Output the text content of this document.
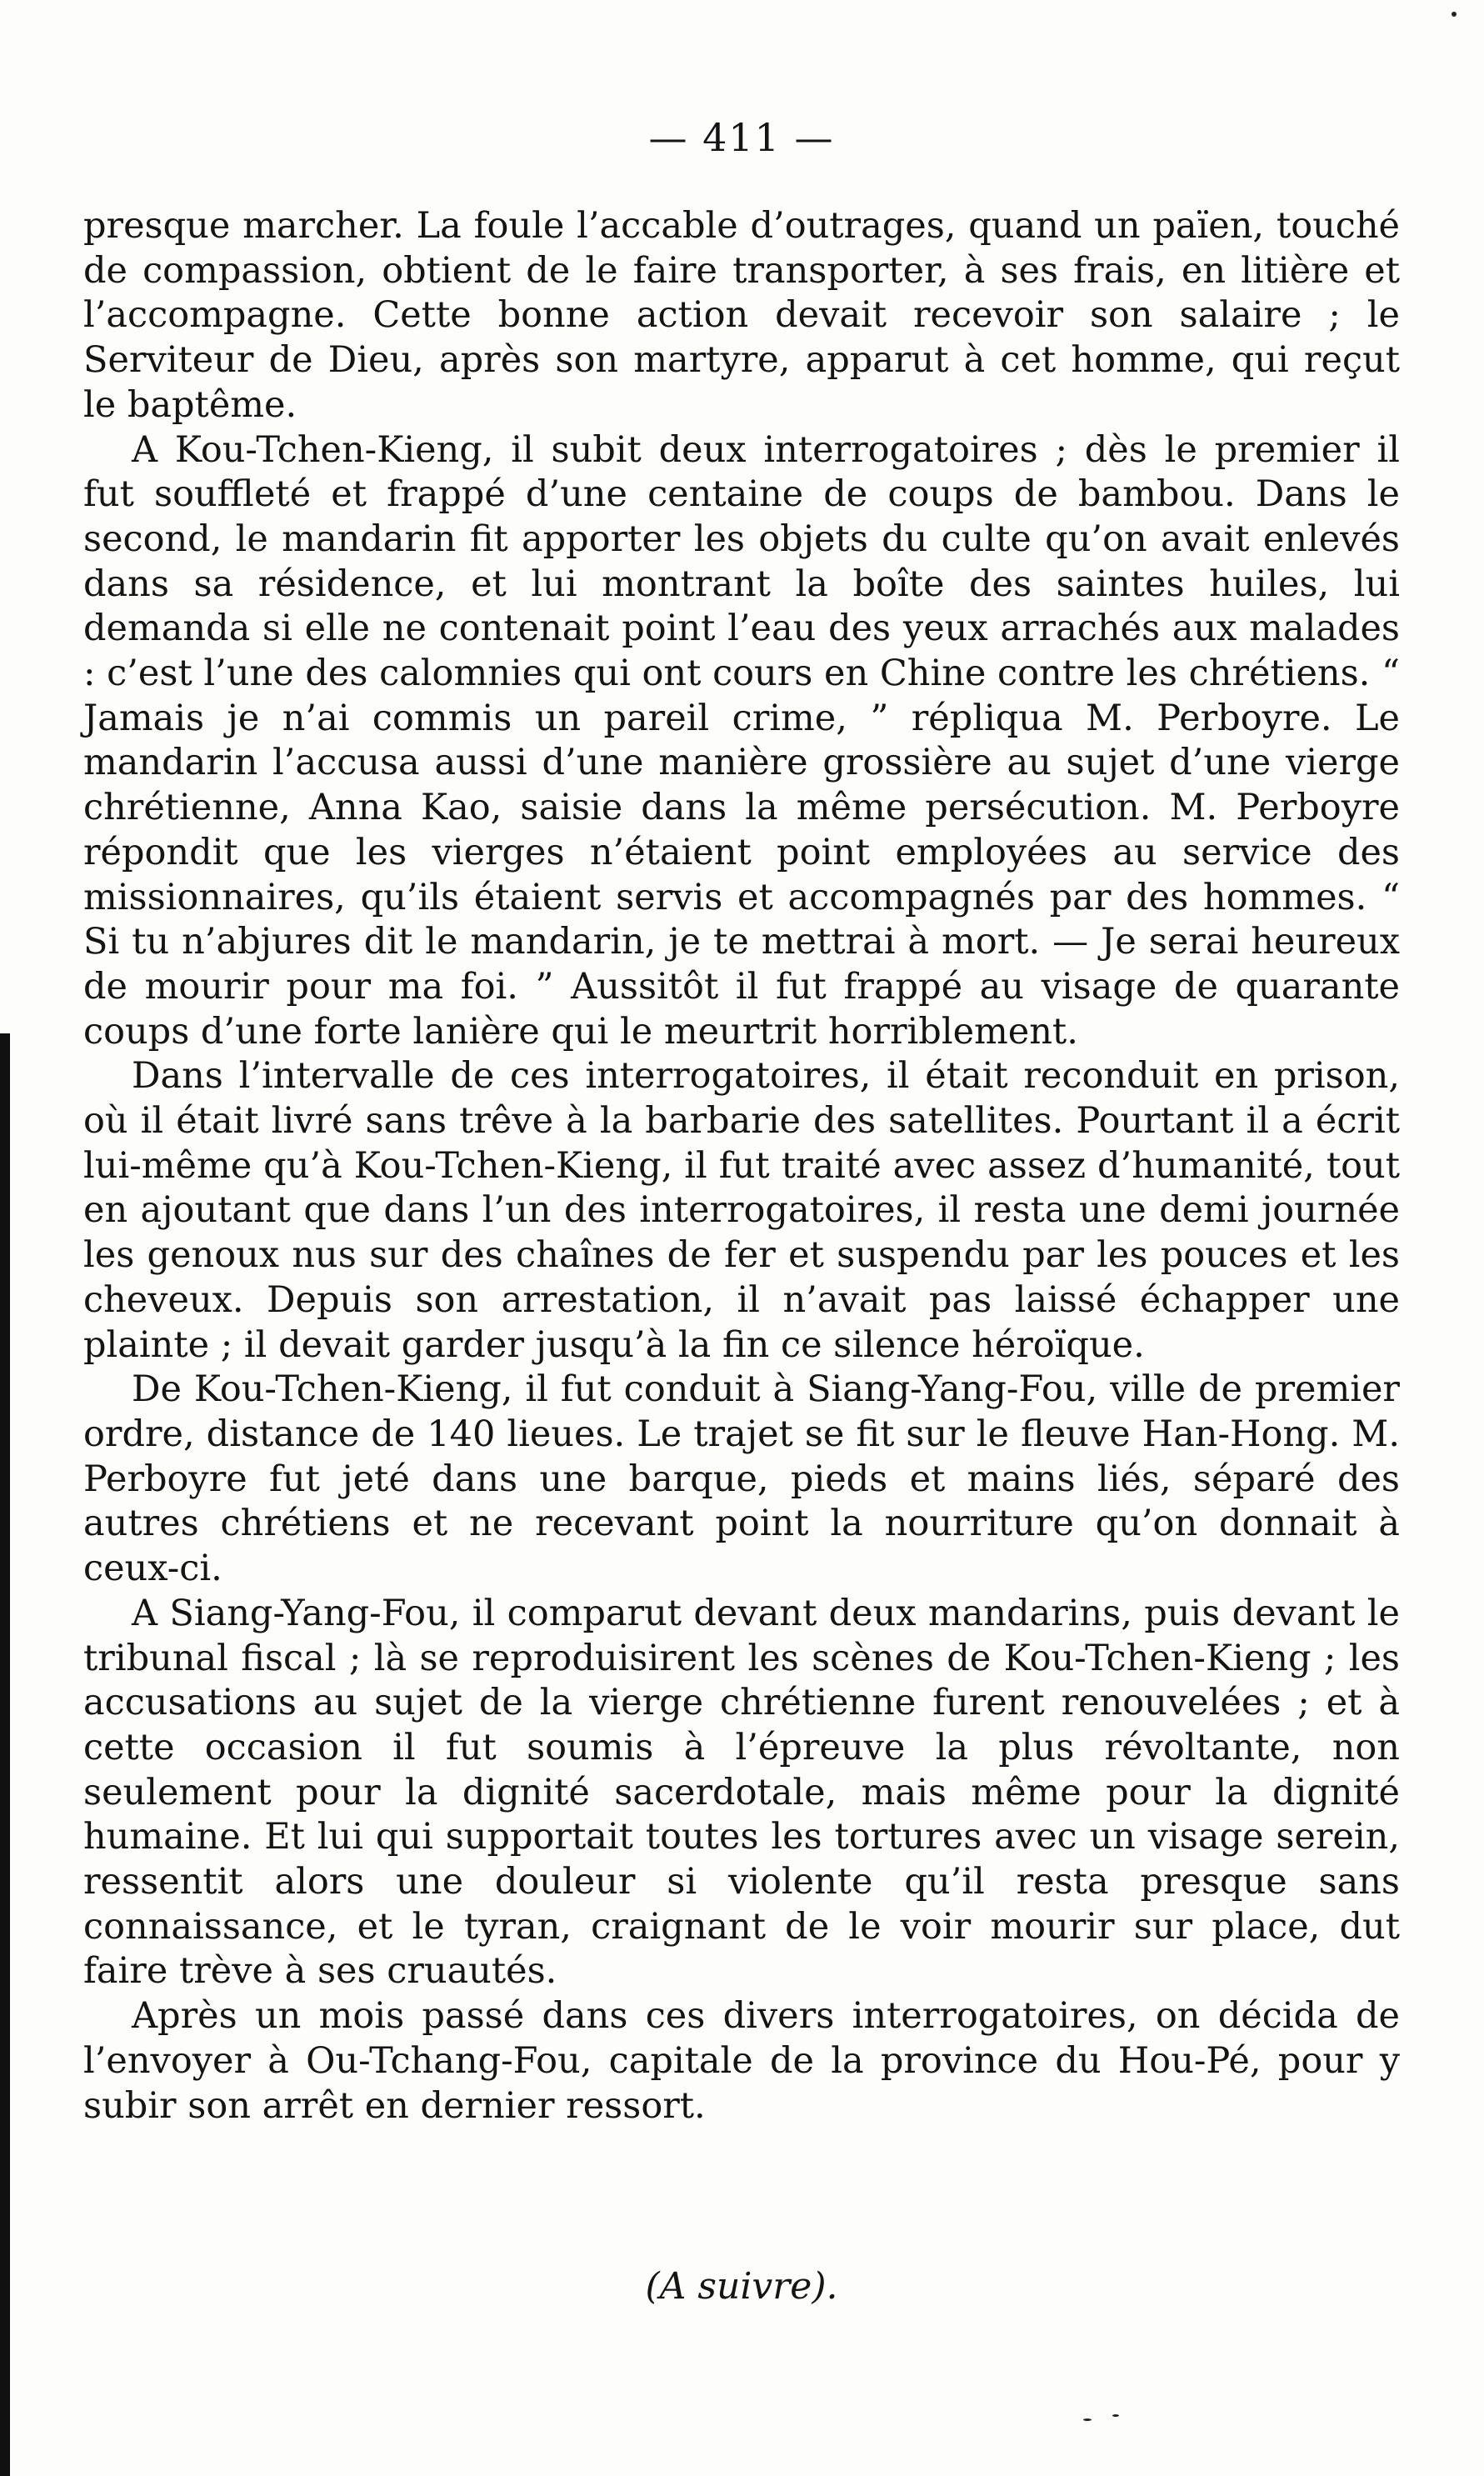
— 411 —

presque marcher. La foule l’accable d’outrages, quand un païen, touché de compassion, obtient de le faire transporter, à ses frais, en litière et l’accompagne. Cette bonne action devait recevoir son salaire ; le Serviteur de Dieu, après son martyre, apparut à cet homme, qui reçut le baptême.

A Kou-Tchen-Kieng, il subit deux interrogatoires ; dès le premier il fut souffleté et frappé d’une centaine de coups de bambou. Dans le second, le mandarin fit apporter les objets du culte qu’on avait enlevés dans sa résidence, et lui montrant la boîte des saintes huiles, lui demanda si elle ne contenait point l’eau des yeux arrachés aux malades : c’est l’une des calomnies qui ont cours en Chine contre les chrétiens. “ Jamais je n’ai commis un pareil crime, ” répliqua M. Perboyre. Le mandarin l’accusa aussi d’une manière grossière au sujet d’une vierge chrétienne, Anna Kao, saisie dans la même persécution. M. Perboyre répondit que les vierges n’étaient point employées au service des missionnaires, qu’ils étaient servis et accompagnés par des hommes. “ Si tu n’abjures dit le mandarin, je te mettrai à mort. — Je serai heureux de mourir pour ma foi. ” Aussitôt il fut frappé au visage de quarante coups d’une forte lanière qui le meurtrit horriblement.

Dans l’intervalle de ces interrogatoires, il était reconduit en prison, où il était livré sans trêve à la barbarie des satellites. Pourtant il a écrit lui-même qu’à Kou-Tchen-Kieng, il fut traité avec assez d’humanité, tout en ajoutant que dans l’un des interrogatoires, il resta une demi journée les genoux nus sur des chaînes de fer et suspendu par les pouces et les cheveux. Depuis son arrestation, il n’avait pas laissé échapper une plainte ; il devait garder jusqu’à la fin ce silence héroïque.

De Kou-Tchen-Kieng, il fut conduit à Siang-Yang-Fou, ville de premier ordre, distance de 140 lieues. Le trajet se fit sur le fleuve Han-Hong. M. Perboyre fut jeté dans une barque, pieds et mains liés, séparé des autres chrétiens et ne recevant point la nourriture qu’on donnait à ceux-ci.

A Siang-Yang-Fou, il comparut devant deux mandarins, puis devant le tribunal fiscal ; là se reproduisirent les scènes de Kou-Tchen-Kieng ; les accusations au sujet de la vierge chrétienne furent renouvelées ; et à cette occasion il fut soumis à l’épreuve la plus révoltante, non seulement pour la dignité sacerdotale, mais même pour la dignité humaine. Et lui qui supportait toutes les tortures avec un visage serein, ressentit alors une douleur si violente qu’il resta presque sans connaissance, et le tyran, craignant de le voir mourir sur place, dut faire trève à ses cruautés.

Après un mois passé dans ces divers interrogatoires, on décida de l’envoyer à Ou-Tchang-Fou, capitale de la province du Hou-Pé, pour y subir son arrêt en dernier ressort.

(A suivre).
